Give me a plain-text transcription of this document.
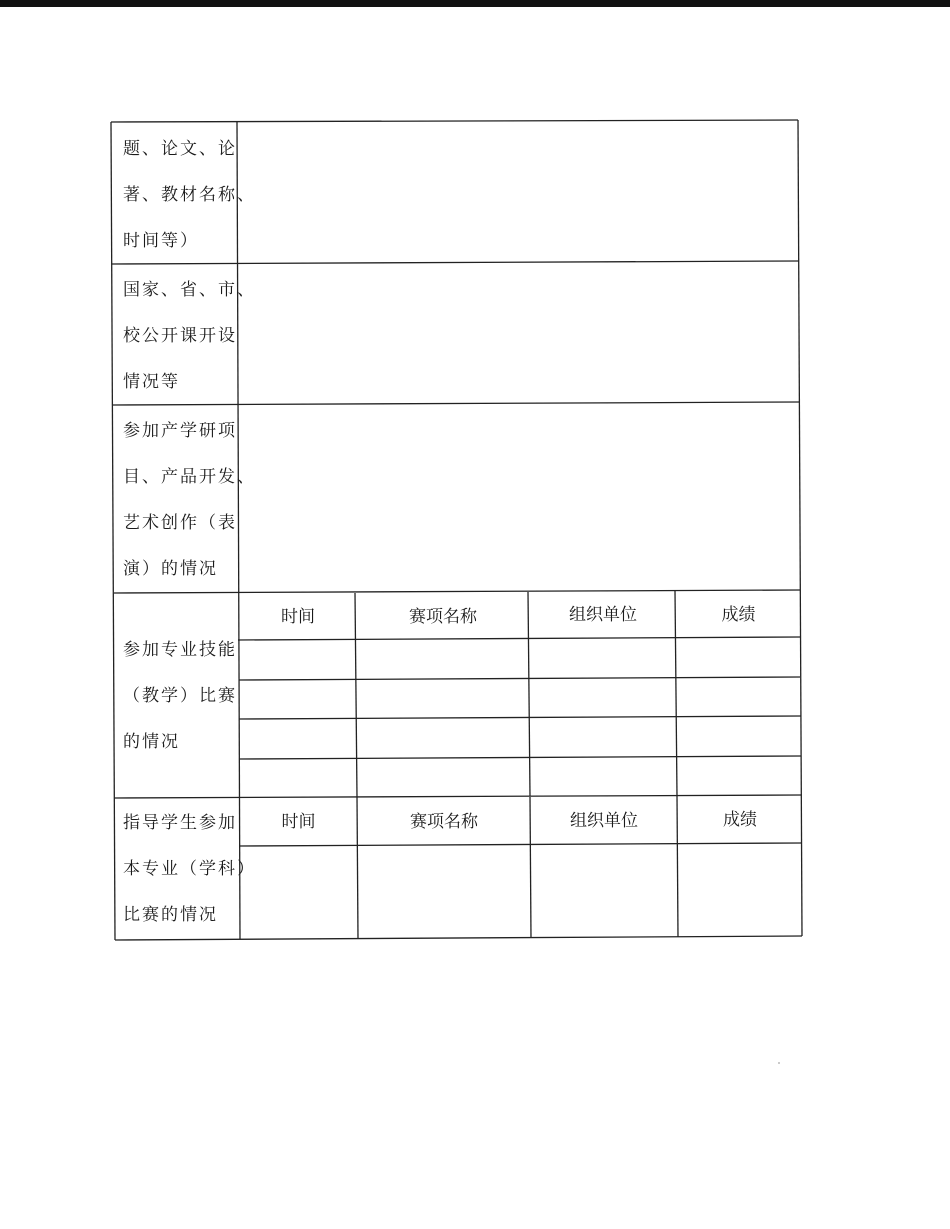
题、论文、论
著、教材名称、
时间等）
国家、省、市、
校公开课开设
情况等
参加产学研项
目、产品开发、
艺术创作（表
演）的情况
参加专业技能
（教学）比赛
的情况
时间	赛项名称	组织单位	成绩
指导学生参加
本专业（学科）
比赛的情况
时间	赛项名称	组织单位	成绩
